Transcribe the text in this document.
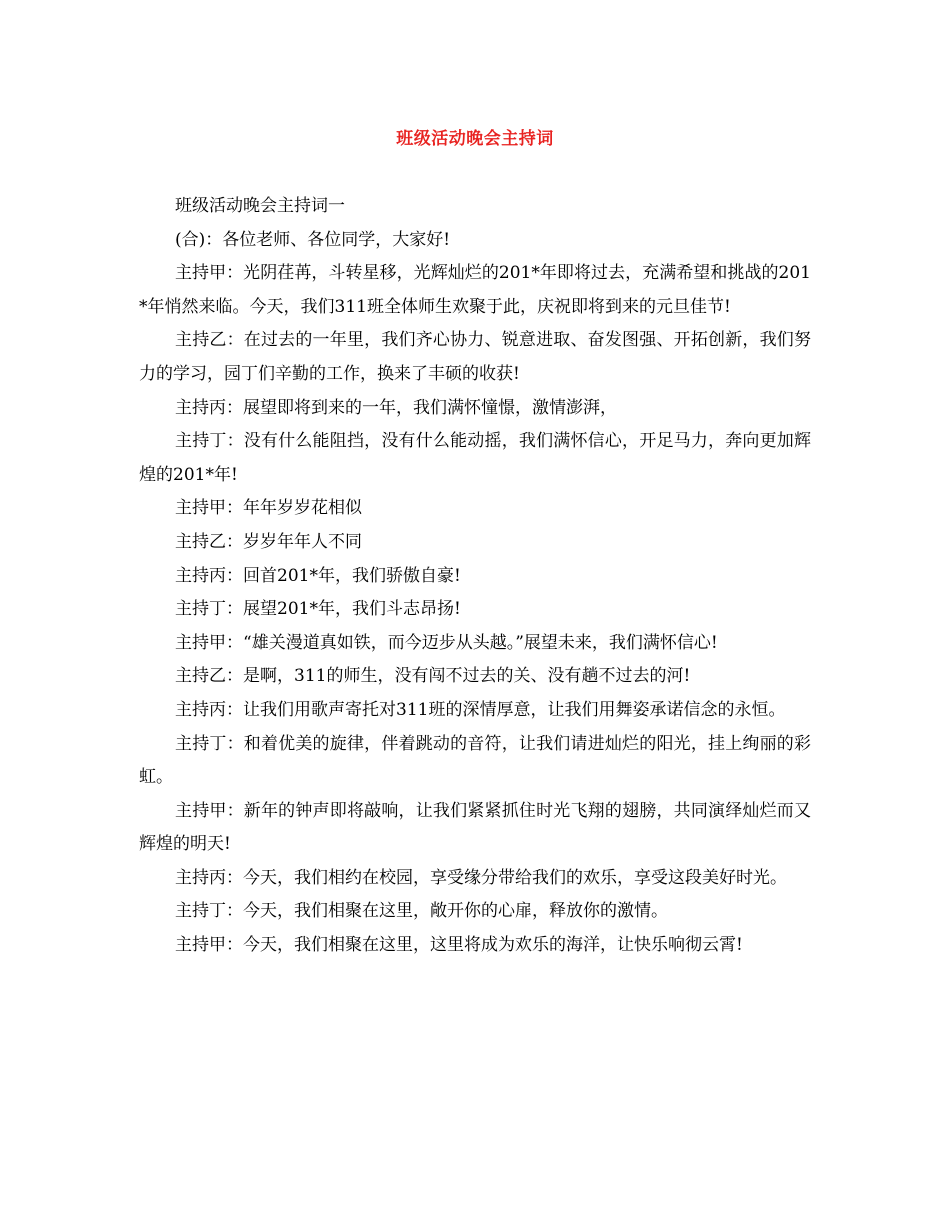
班级活动晚会主持词

班级活动晚会主持词一

(合)：各位老师、各位同学，大家好!

主持甲：光阴荏苒，斗转星移，光辉灿烂的201*年即将过去，充满希望和挑战的201*年悄然来临。今天，我们311班全体师生欢聚于此，庆祝即将到来的元旦佳节!

主持乙：在过去的一年里，我们齐心协力、锐意进取、奋发图强、开拓创新，我们努力的学习，园丁们辛勤的工作，换来了丰硕的收获!

主持丙：展望即将到来的一年，我们满怀憧憬，激情澎湃，

主持丁：没有什么能阻挡，没有什么能动摇，我们满怀信心，开足马力，奔向更加辉煌的201*年!

主持甲：年年岁岁花相似

主持乙：岁岁年年人不同

主持丙：回首201*年，我们骄傲自豪!

主持丁：展望201*年，我们斗志昂扬!

主持甲：“雄关漫道真如铁，而今迈步从头越。”展望未来，我们满怀信心!

主持乙：是啊，311的师生，没有闯不过去的关、没有趟不过去的河!

主持丙：让我们用歌声寄托对311班的深情厚意，让我们用舞姿承诺信念的永恒。

主持丁：和着优美的旋律，伴着跳动的音符，让我们请进灿烂的阳光，挂上绚丽的彩虹。

主持甲：新年的钟声即将敲响，让我们紧紧抓住时光飞翔的翅膀，共同演绎灿烂而又辉煌的明天!

主持丙：今天，我们相约在校园，享受缘分带给我们的欢乐，享受这段美好时光。

主持丁：今天，我们相聚在这里，敞开你的心扉，释放你的激情。

主持甲：今天，我们相聚在这里，这里将成为欢乐的海洋，让快乐响彻云霄!
